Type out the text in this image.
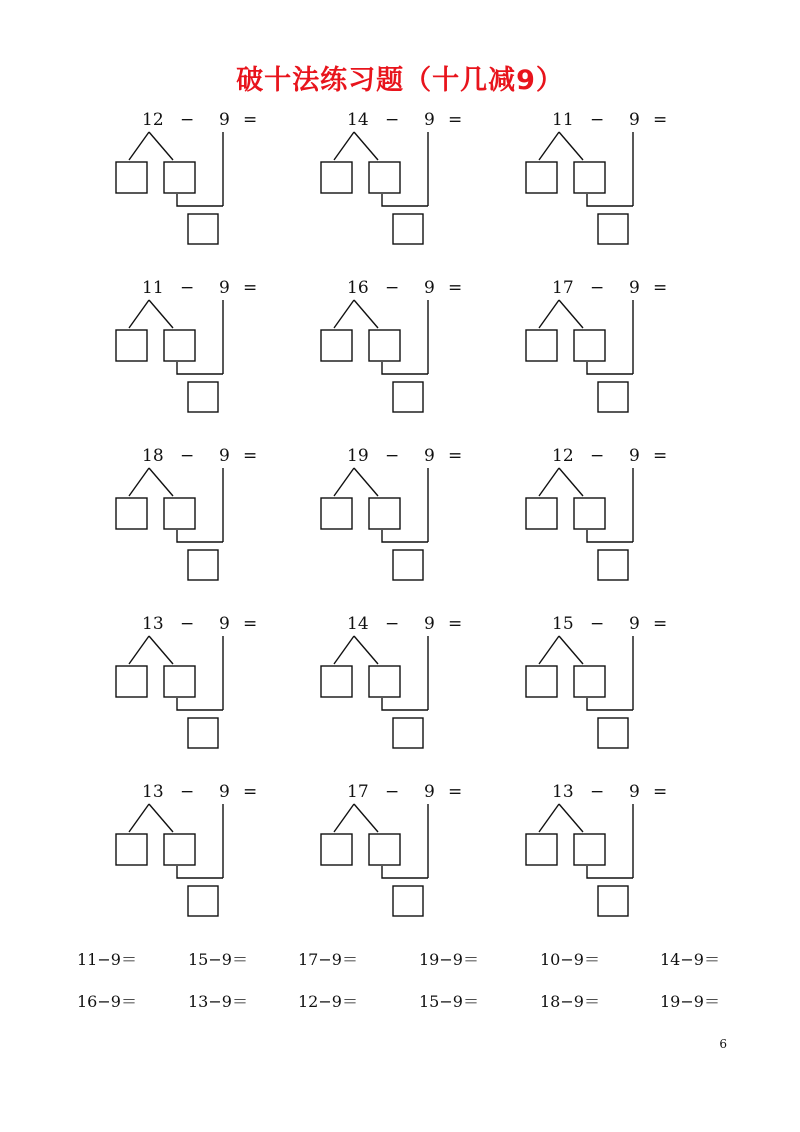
破十法练习题（十几减9）
12 − 9 =	14 − 9 =	11 − 9 =
11 − 9 =	16 − 9 =	17 − 9 =
18 − 9 =	19 − 9 =	12 − 9 =
13 − 9 =	14 − 9 =	15 − 9 =
13 − 9 =	17 − 9 =	13 − 9 =
11−9＝	15−9＝	17−9＝	19−9＝	10−9＝	14−9＝
16−9＝	13−9＝	12−9＝	15−9＝	18−9＝	19−9＝
6
